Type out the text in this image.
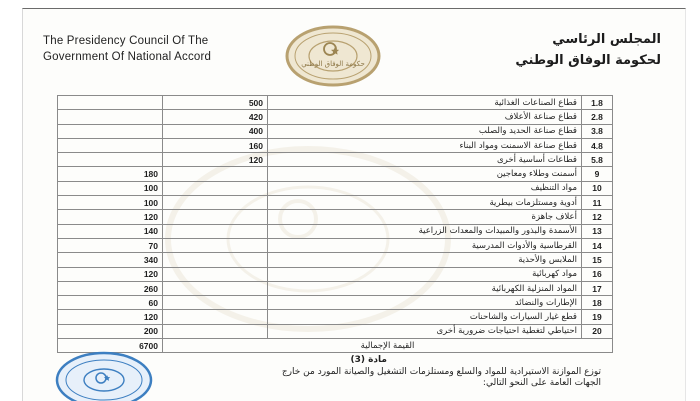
The Presidency Council Of The
Government Of National Accord
حكومة الوفاق الوطني
المجلس الرئاسي
لحكومة الوفاق الوطني
	500	قطاع الصناعات الغذائية	1.8
	420	قطاع صناعة الأعلاف	2.8
	400	قطاع صناعة الحديد والصلب	3.8
	160	قطاع صناعة الاسمنت ومواد البناء	4.8
	120	قطاعات أساسية أخرى	5.8
180		أسمنت وطلاء ومعاجين	9
100		مواد التنظيف	10
100		أدوية ومستلزمات بيطرية	11
120		أعلاف جاهزة	12
140		الأسمدة والبذور والمبيدات والمعدات الزراعية	13
70		القرطاسية والأدوات المدرسية	14
340		الملابس والأحذية	15
120		مواد كهربائية	16
260		المواد المنزلية الكهربائية	17
60		الإطارات والنضائد	18
120		قطع غيار السيارات والشاحنات	19
200		احتياطي لتغطية احتياجات ضرورية أخرى	20
6700	القيمة الإجمالية		
مادة (3)
توزع الموازنة الاستيرادية للمواد والسلع ومستلزمات التشغيل والصيانة المورد من خارج
الجهات العامة على النحو التالي:
